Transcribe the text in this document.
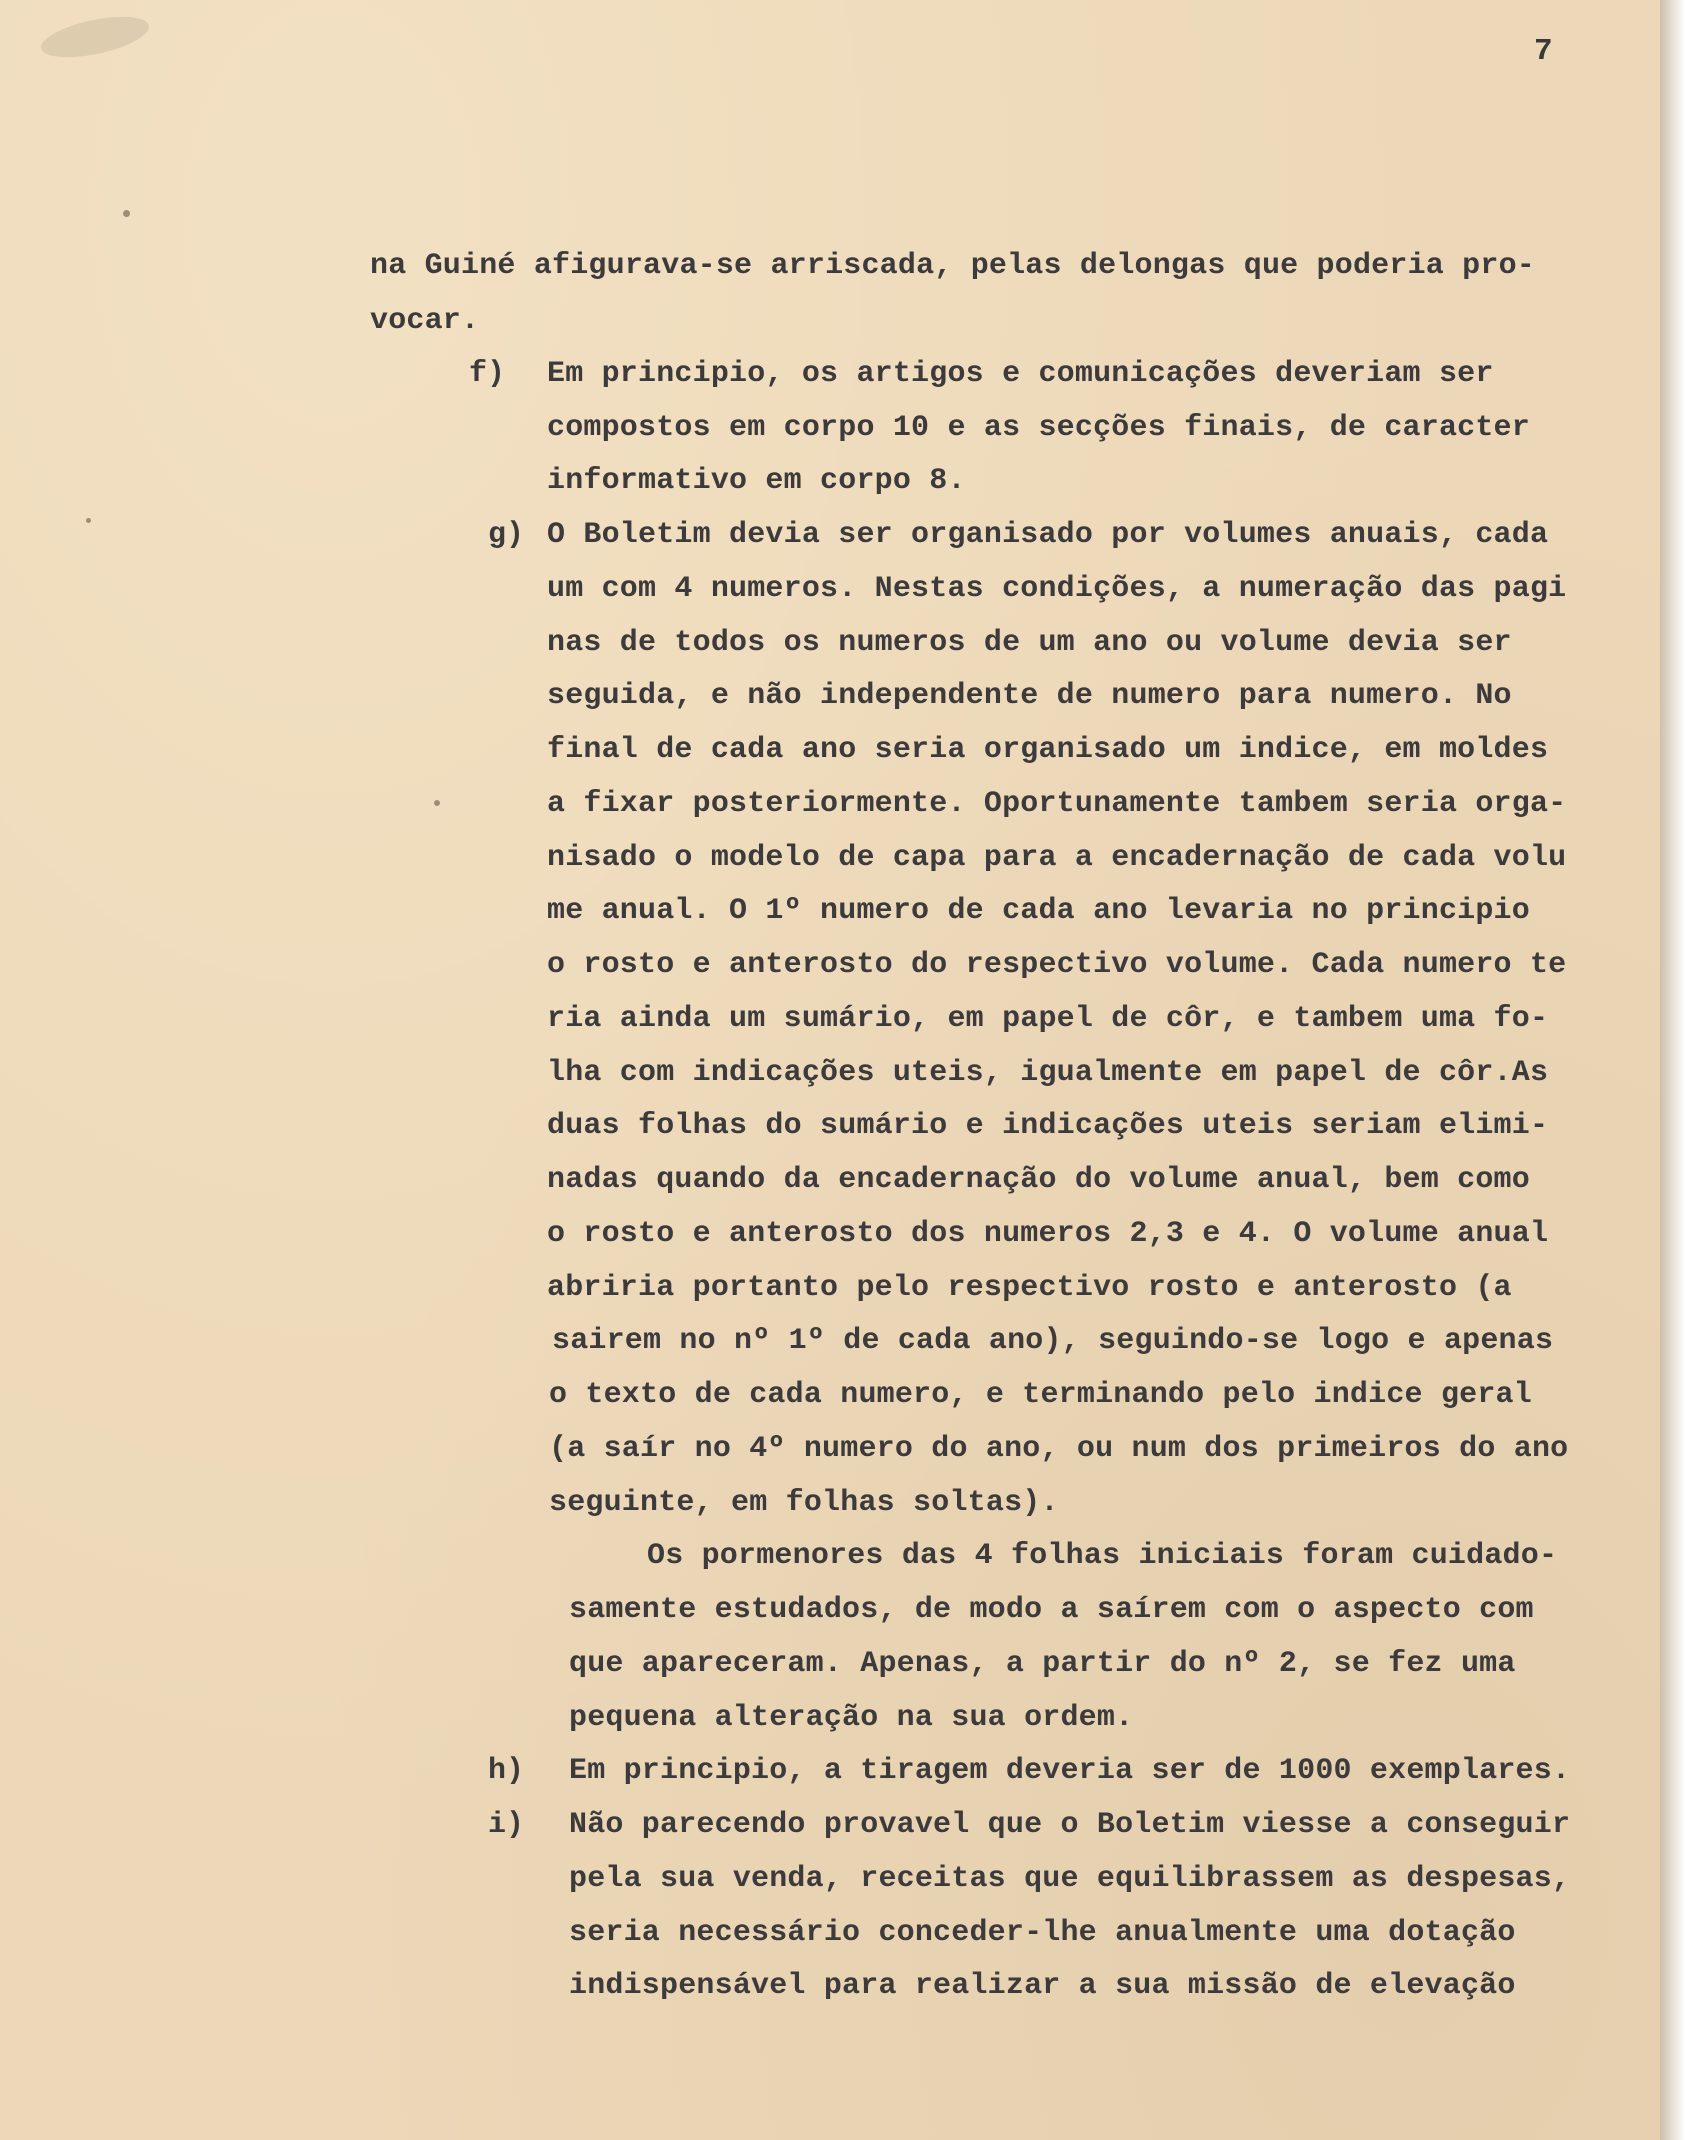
7
na Guiné afigurava-se arriscada, pelas delongas que poderia pro-
vocar.
f) Em principio, os artigos e comunicações deveriam ser
compostos em corpo 10 e as secções finais, de caracter
informativo em corpo 8.
g) O Boletim devia ser organisado por volumes anuais, cada
um com 4 numeros. Nestas condições, a numeração das pagi
nas de todos os numeros de um ano ou volume devia ser
seguida, e não independente de numero para numero. No
final de cada ano seria organisado um indice, em moldes
a fixar posteriormente. Oportunamente tambem seria orga-
nisado o modelo de capa para a encadernação de cada volu
me anual. O 1º numero de cada ano levaria no principio
o rosto e anterosto do respectivo volume. Cada numero te
ria ainda um sumário, em papel de côr, e tambem uma fo-
lha com indicações uteis, igualmente em papel de côr.As
duas folhas do sumário e indicações uteis seriam elimi-
nadas quando da encadernação do volume anual, bem como
o rosto e anterosto dos numeros 2,3 e 4. O volume anual
abriria portanto pelo respectivo rosto e anterosto (a
sairem no nº 1º de cada ano), seguindo-se logo e apenas
o texto de cada numero, e terminando pelo indice geral
(a saír no 4º numero do ano, ou num dos primeiros do ano
seguinte, em folhas soltas).
Os pormenores das 4 folhas iniciais foram cuidado-
samente estudados, de modo a saírem com o aspecto com
que apareceram. Apenas, a partir do nº 2, se fez uma
pequena alteração na sua ordem.
h) Em principio, a tiragem deveria ser de 1000 exemplares.
i) Não parecendo provavel que o Boletim viesse a conseguir
pela sua venda, receitas que equilibrassem as despesas,
seria necessário conceder-lhe anualmente uma dotação
indispensável para realizar a sua missão de elevação
